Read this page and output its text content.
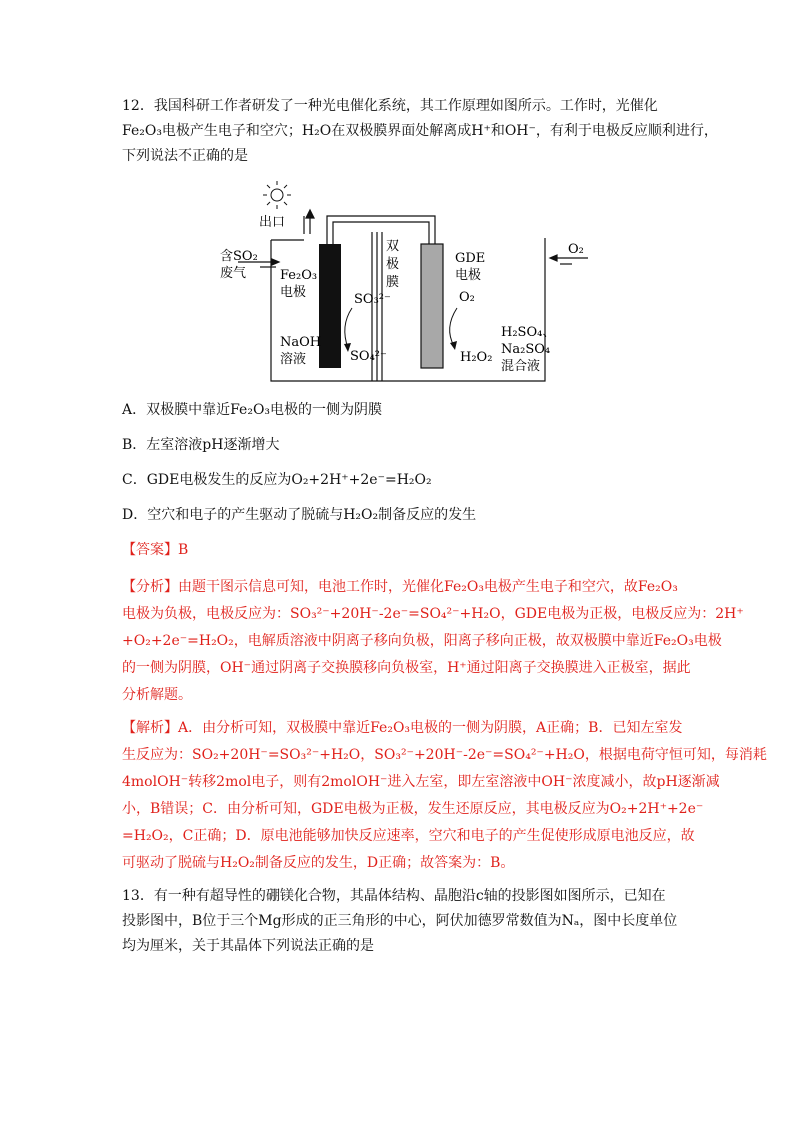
12．我国科研工作者研发了一种光电催化系统，其工作原理如图所示。工作时，光催化
Fe₂O₃电极产生电子和空穴；H₂O在双极膜界面处解离成H⁺和OH⁻，有利于电极反应顺利进行，
下列说法不正确的是
出口
含SO₂
废气	Fe₂O₃
电极	SO₃²⁻
SO₄²⁻
NaOH
溶液
双
极
膜
GDE
电极
O₂
O₂
H₂O₂
H₂SO₄、
Na₂SO₄
混合液
A．双极膜中靠近Fe₂O₃电极的一侧为阴膜
B．左室溶液pH逐渐增大
C．GDE电极发生的反应为O₂+2H⁺+2e⁻=H₂O₂
D．空穴和电子的产生驱动了脱硫与H₂O₂制备反应的发生
【答案】B
【分析】由题干图示信息可知，电池工作时，光催化Fe₂O₃电极产生电子和空穴，故Fe₂O₃
电极为负极，电极反应为：SO₃²⁻+20H⁻-2e⁻=SO₄²⁻+H₂O，GDE电极为正极，电极反应为：2H⁺
+O₂+2e⁻=H₂O₂，电解质溶液中阴离子移向负极，阳离子移向正极，故双极膜中靠近Fe₂O₃电极
的一侧为阴膜，OH⁻通过阴离子交换膜移向负极室，H⁺通过阳离子交换膜进入正极室，据此
分析解题。
【解析】A．由分析可知，双极膜中靠近Fe₂O₃电极的一侧为阴膜，A正确；B．已知左室发
生反应为：SO₂+20H⁻=SO₃²⁻+H₂O，SO₃²⁻+20H⁻-2e⁻=SO₄²⁻+H₂O，根据电荷守恒可知，每消耗
4molOH⁻转移2mol电子，则有2molOH⁻进入左室，即左室溶液中OH⁻浓度减小，故pH逐渐减
小，B错误；C．由分析可知，GDE电极为正极，发生还原反应，其电极反应为O₂+2H⁺+2e⁻
=H₂O₂，C正确；D．原电池能够加快反应速率，空穴和电子的产生促使形成原电池反应，故
可驱动了脱硫与H₂O₂制备反应的发生，D正确；故答案为：B。
13．有一种有超导性的硼镁化合物，其晶体结构、晶胞沿c轴的投影图如图所示，已知在
投影图中，B位于三个Mg形成的正三角形的中心，阿伏加德罗常数值为Nₐ，图中长度单位
均为厘米，关于其晶体下列说法正确的是
